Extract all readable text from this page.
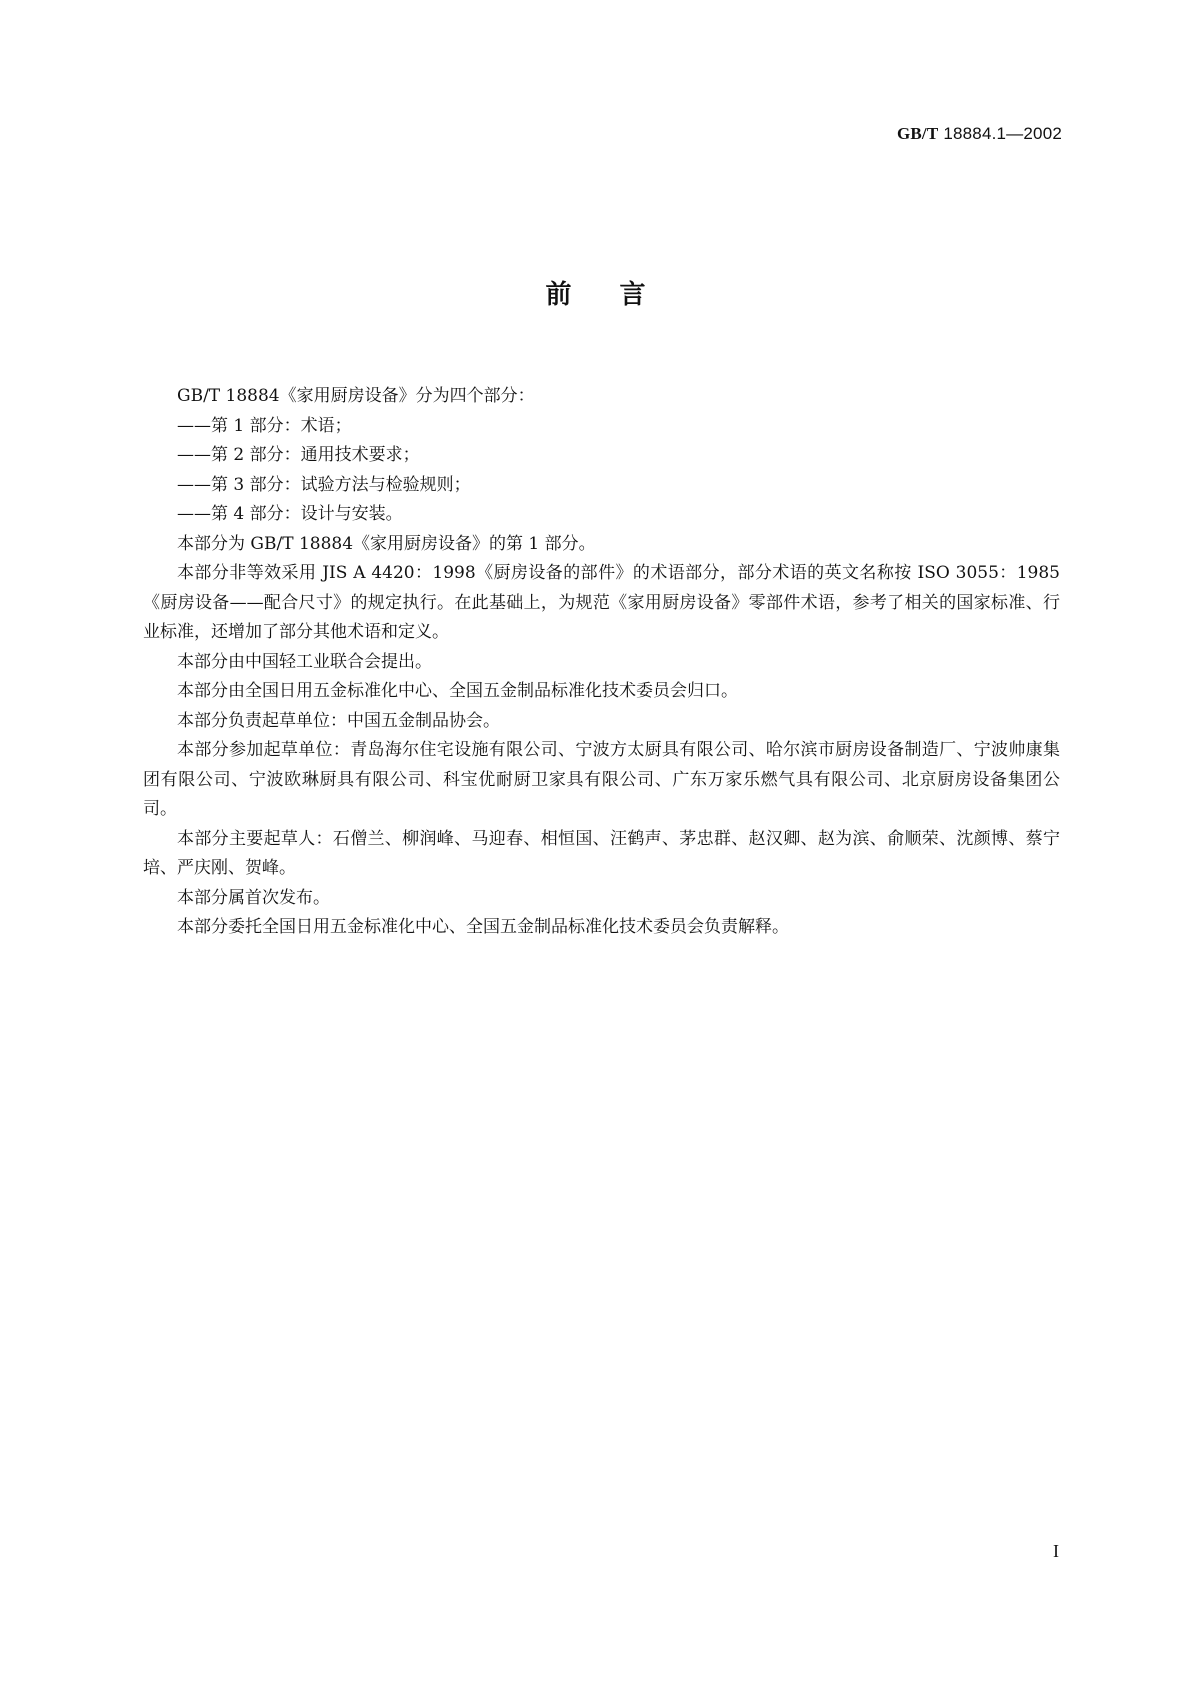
GB/T 18884.1—2002
前言

GB/T 18884《家用厨房设备》分为四个部分：

——第 1 部分：术语；

——第 2 部分：通用技术要求；

——第 3 部分：试验方法与检验规则；

——第 4 部分：设计与安装。

本部分为 GB/T 18884《家用厨房设备》的第 1 部分。

本部分非等效采用 JIS A 4420：1998《厨房设备的部件》的术语部分，部分术语的英文名称按 ISO 3055：1985《厨房设备——配合尺寸》的规定执行。在此基础上，为规范《家用厨房设备》零部件术语，参考了相关的国家标准、行业标准，还增加了部分其他术语和定义。

本部分由中国轻工业联合会提出。

本部分由全国日用五金标准化中心、全国五金制品标准化技术委员会归口。

本部分负责起草单位：中国五金制品协会。

本部分参加起草单位：青岛海尔住宅设施有限公司、宁波方太厨具有限公司、哈尔滨市厨房设备制造厂、宁波帅康集团有限公司、宁波欧琳厨具有限公司、科宝优耐厨卫家具有限公司、广东万家乐燃气具有限公司、北京厨房设备集团公司。

本部分主要起草人：石僧兰、柳润峰、马迎春、相恒国、汪鹤声、茅忠群、赵汉卿、赵为滨、俞顺荣、沈颜博、蔡宁培、严庆刚、贺峰。

本部分属首次发布。

本部分委托全国日用五金标准化中心、全国五金制品标准化技术委员会负责解释。

I
